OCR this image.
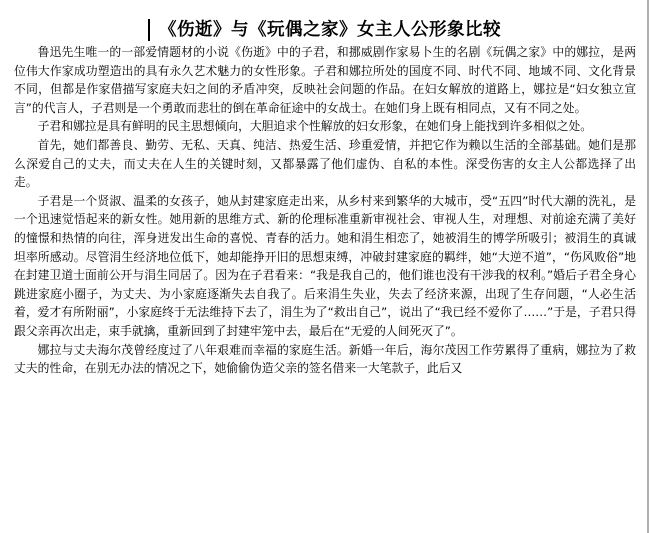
《伤逝》与《玩偶之家》女主人公形象比较

鲁迅先生唯一的一部爱情题材的小说《伤逝》中的子君，和挪威剧作家易卜生的名剧《玩偶之家》中的娜拉，是两位伟大作家成功塑造出的具有永久艺术魅力的女性形象。子君和娜拉所处的国度不同、时代不同、地域不同、文化背景不同，但都是作家借描写家庭夫妇之间的矛盾冲突，反映社会问题的作品。在妇女解放的道路上，娜拉是“妇女独立宣言”的代言人，子君则是一个勇敢而悲壮的倒在革命征途中的女战士。在她们身上既有相同点，又有不同之处。

子君和娜拉是具有鲜明的民主思想倾向，大胆追求个性解放的妇女形象，在她们身上能找到许多相似之处。

首先，她们都善良、勤劳、无私、天真、纯洁、热爱生活、珍重爱情，并把它作为赖以生活的全部基础。她们是那么深爱自己的丈夫，而丈夫在人生的关键时刻，又都暴露了他们虚伪、自私的本性。深受伤害的女主人公都选择了出走。

子君是一个贤淑、温柔的女孩子，她从封建家庭走出来，从乡村来到繁华的大城市，受“五四”时代大潮的洗礼，是一个迅速觉悟起来的新女性。她用新的思维方式、新的伦理标准重新审视社会、审视人生，对理想、对前途充满了美好的憧憬和热情的向往，浑身迸发出生命的喜悦、青春的活力。她和涓生相恋了，她被涓生的博学所吸引；被涓生的真诚坦率所感动。尽管涓生经济地位低下，她却能挣开旧的思想束缚，冲破封建家庭的羁绊，她“大逆不道”，“伤风败俗”地在封建卫道士面前公开与涓生同居了。因为在子君看来：“我是我自己的，他们谁也没有干涉我的权利。”婚后子君全身心跳进家庭小圈子，为丈夫、为小家庭逐渐失去自我了。后来涓生失业，失去了经济来源，出现了生存问题，“人必生活着，爱才有所附丽”，小家庭终于无法维持下去了，涓生为了“救出自己”，说出了“我已经不爱你了……”于是，子君只得跟父亲再次出走，束手就擒，重新回到了封建牢笼中去，最后在“无爱的人间死灭了”。

娜拉与丈夫海尔茂曾经度过了八年艰难而幸福的家庭生活。新婚一年后，海尔茂因工作劳累得了重病，娜拉为了救丈夫的性命，在别无办法的情况之下，她偷偷伪造父亲的签名借来一大笔款子，此后又
